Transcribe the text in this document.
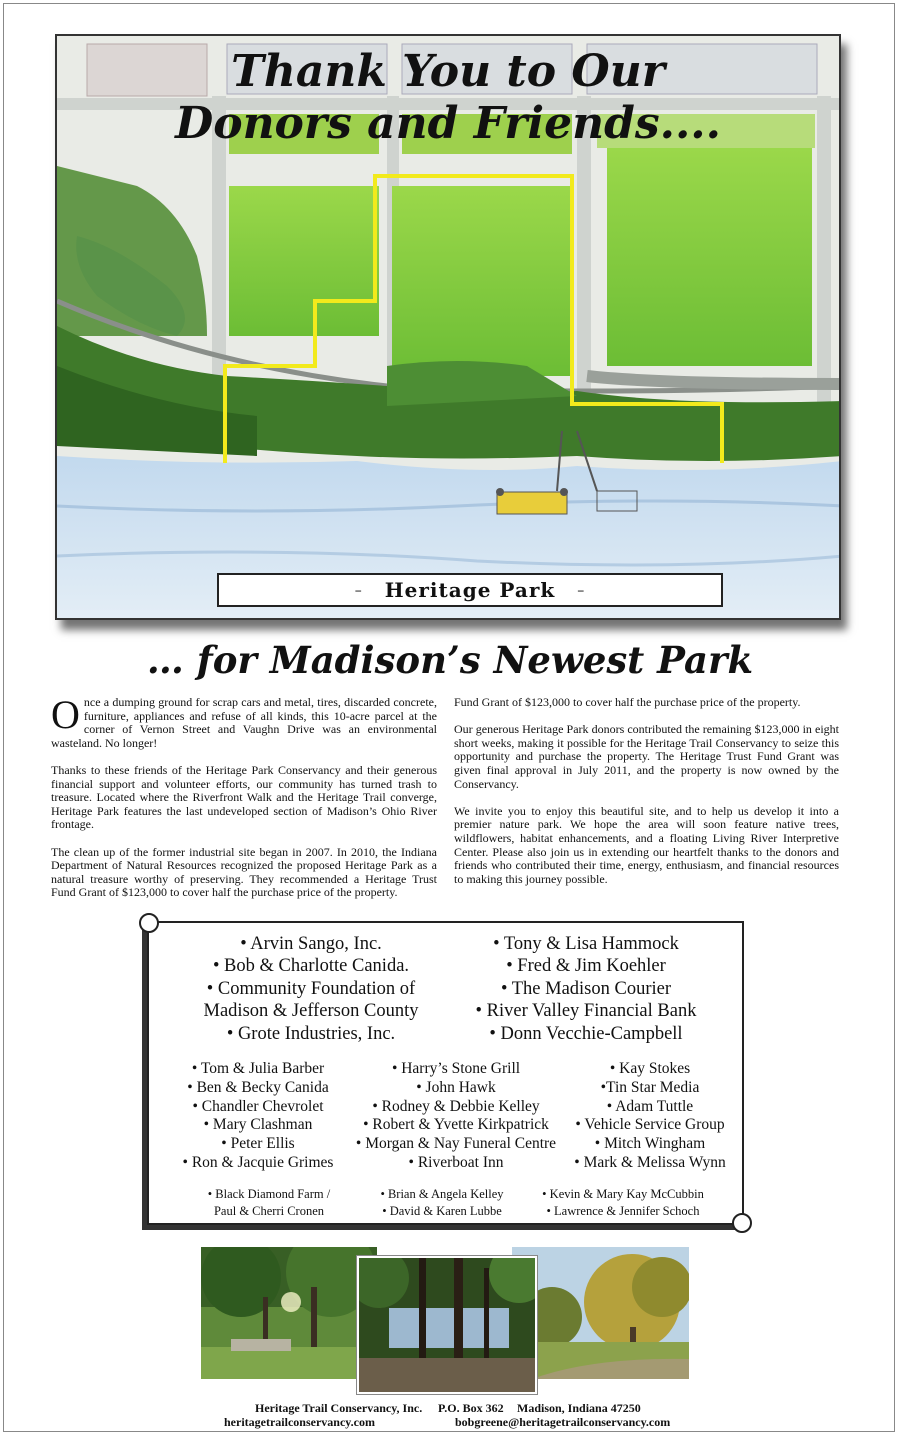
Thank You to Our
Donors and Friends....
– Heritage Park –
… for Madison’s Newest Park

Once a dumping ground for scrap cars and metal, tires, discarded concrete, furniture, appliances and refuse of all kinds, this 10-acre parcel at the corner of Vernon Street and Vaughn Drive was an environmental wasteland. No longer!

Thanks to these friends of the Heritage Park Conservancy and their generous financial support and volunteer efforts, our community has turned trash to treasure. Located where the Riverfront Walk and the Heritage Trail converge, Heritage Park features the last undeveloped section of Madison’s Ohio River frontage.

The clean up of the former industrial site began in 2007. In 2010, the Indiana Department of Natural Resources recognized the proposed Heritage Park as a natural treasure worthy of preserving. They recommended a Heritage Trust Fund Grant of $123,000 to cover half the purchase price of the property.

Fund Grant of $123,000 to cover half the purchase price of the property.

Our generous Heritage Park donors contributed the remaining $123,000 in eight short weeks, making it possible for the Heritage Trail Conservancy to seize this opportunity and purchase the property. The Heritage Trust Fund Grant was given final approval in July 2011, and the property is now owned by the Conservancy.

We invite you to enjoy this beautiful site, and to help us develop it into a premier nature park. We hope the area will soon feature native trees, wildflowers, habitat enhancements, and a floating Living River Interpretive Center. Please also join us in extending our heartfelt thanks to the donors and friends who contributed their time, energy, enthusiasm, and financial resources to making this journey possible.

• Arvin Sango, Inc.
• Bob & Charlotte Canida.
• Community Foundation of
Madison & Jefferson County
• Grote Industries, Inc.
• Tony & Lisa Hammock
• Fred & Jim Koehler
• The Madison Courier
• River Valley Financial Bank
• Donn Vecchie-Campbell
• Tom & Julia Barber
• Ben & Becky Canida
• Chandler Chevrolet
• Mary Clashman
• Peter Ellis
• Ron & Jacquie Grimes
• Harry’s Stone Grill
• John Hawk
• Rodney & Debbie Kelley
• Robert & Yvette Kirkpatrick
• Morgan & Nay Funeral Centre
• Riverboat Inn
• Kay Stokes
•Tin Star Media
• Adam Tuttle
• Vehicle Service Group
• Mitch Wingham
• Mark & Melissa Wynn
• Black Diamond Farm /
Paul & Cherri Cronen
• Brian & Angela Kelley
• David & Karen Lubbe
• Kevin & Mary Kay McCubbin
• Lawrence & Jennifer Schoch
Heritage Trail Conservancy, Inc. P.O. Box 362 Madison, Indiana 47250
heritagetrailconservancy.com	bobgreene@heritagetrailconservancy.com
